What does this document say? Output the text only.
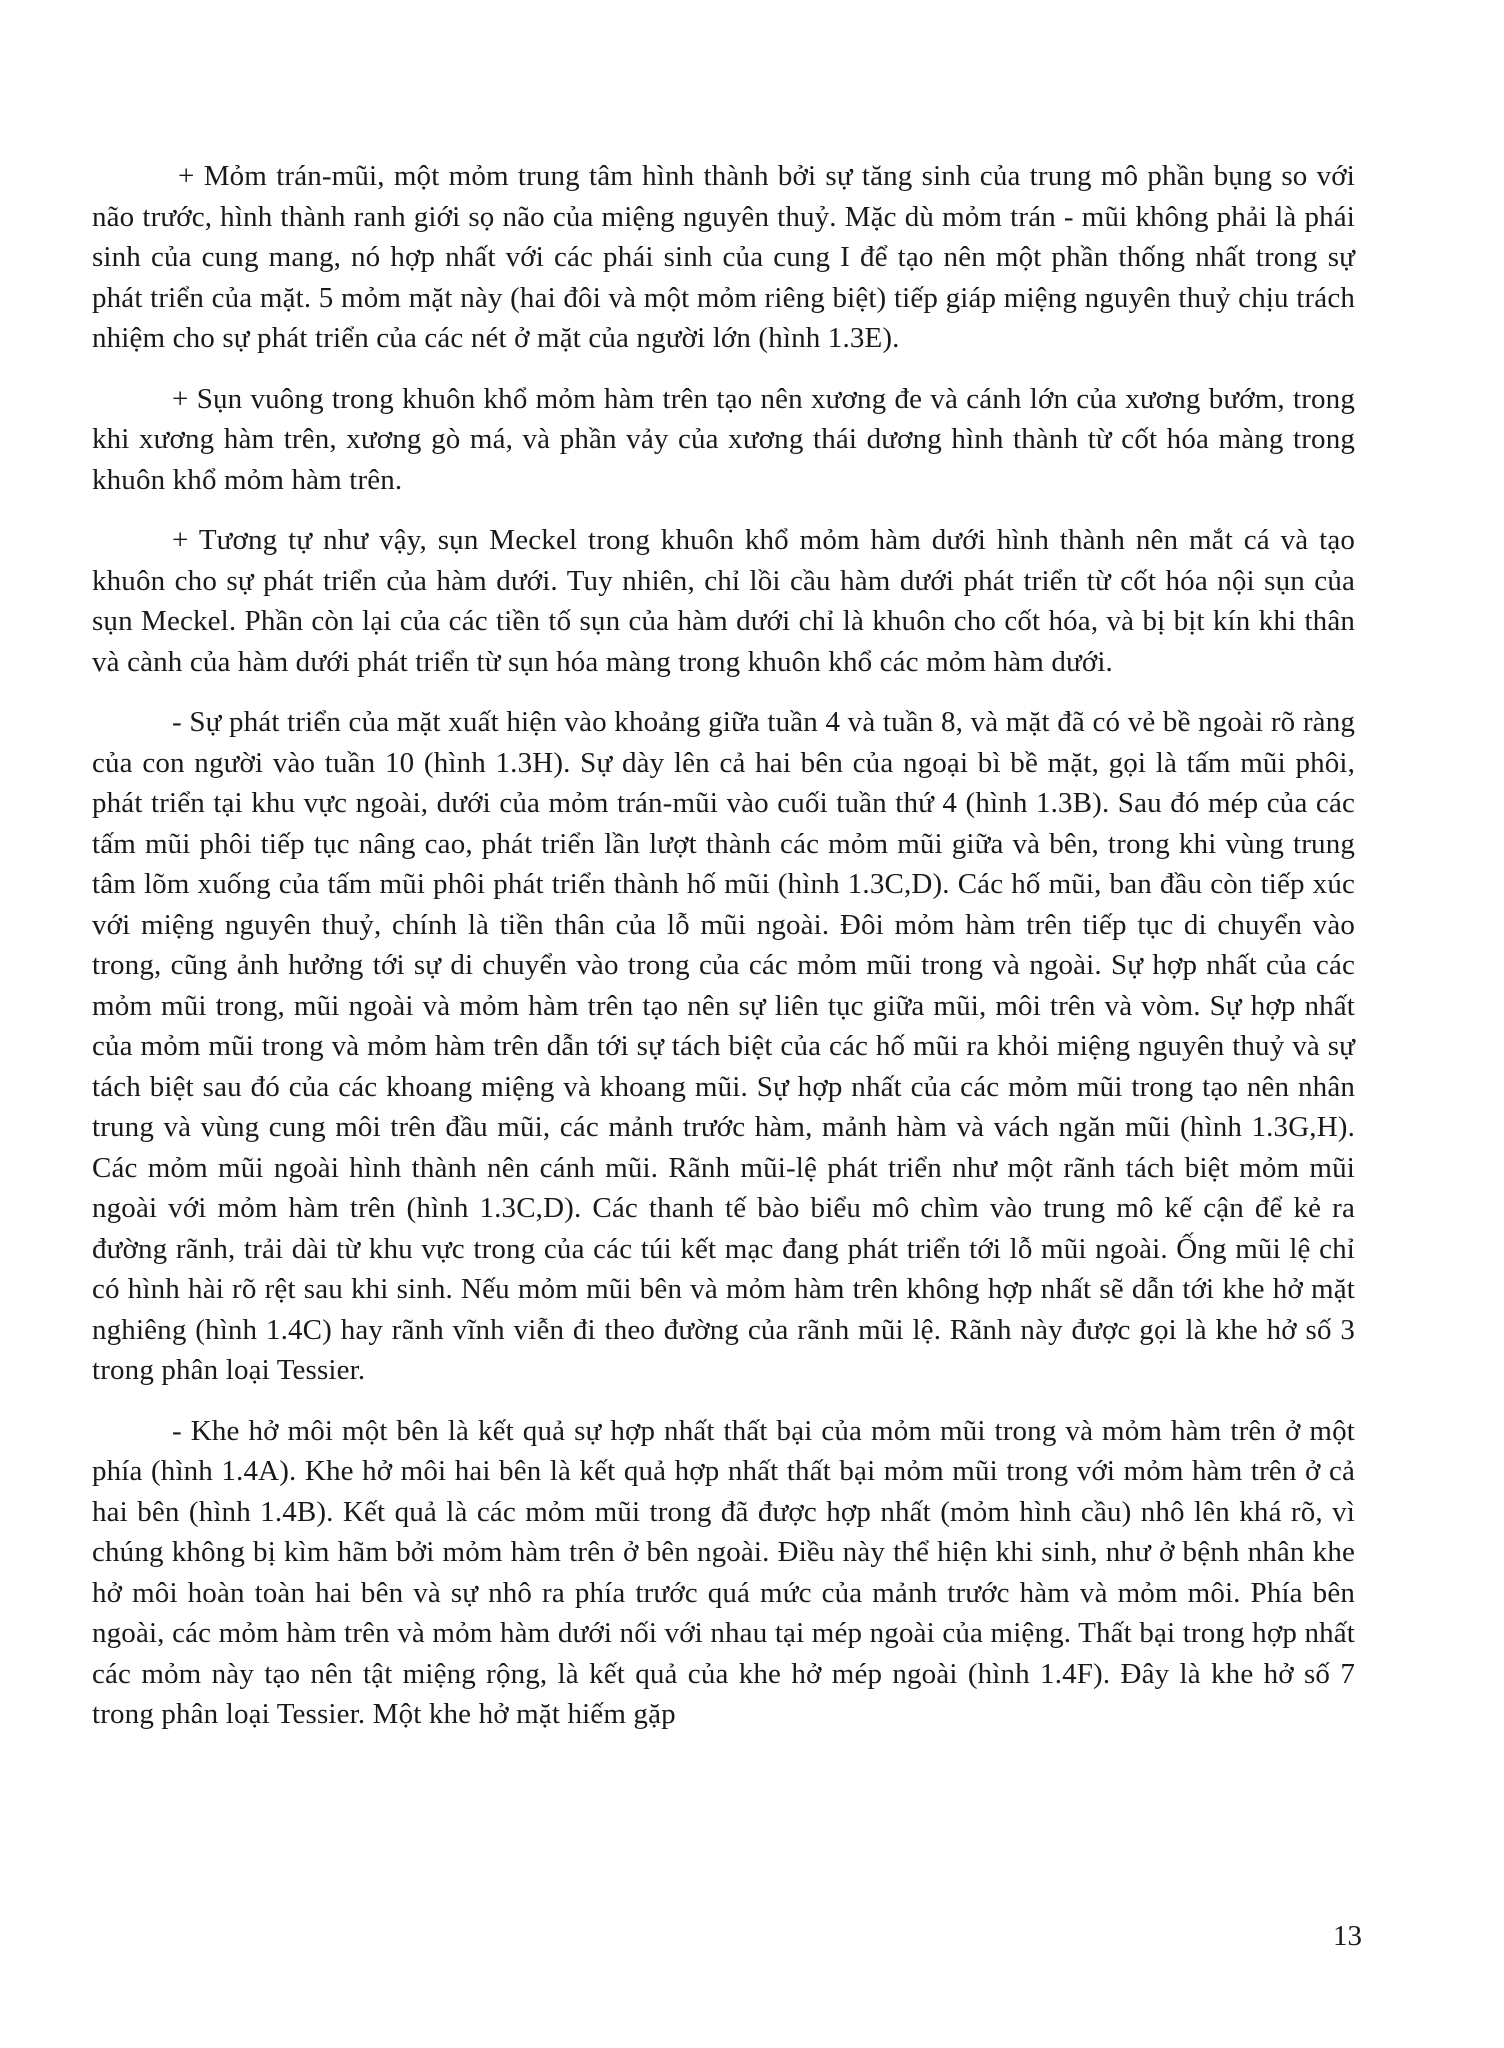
+ Mỏm trán-mũi, một mỏm trung tâm hình thành bởi sự tăng sinh của trung mô phần bụng so với não trước, hình thành ranh giới sọ não của miệng nguyên thuỷ. Mặc dù mỏm trán - mũi không phải là phái sinh của cung mang, nó hợp nhất với các phái sinh của cung I để tạo nên một phần thống nhất trong sự phát triển của mặt. 5 mỏm mặt này (hai đôi và một mỏm riêng biệt) tiếp giáp miệng nguyên thuỷ chịu trách nhiệm cho sự phát triển của các nét ở mặt của người lớn (hình 1.3E).

+ Sụn vuông trong khuôn khổ mỏm hàm trên tạo nên xương đe và cánh lớn của xương bướm, trong khi xương hàm trên, xương gò má, và phần vảy của xương thái dương hình thành từ cốt hóa màng trong khuôn khổ mỏm hàm trên.

+ Tương tự như vậy, sụn Meckel trong khuôn khổ mỏm hàm dưới hình thành nên mắt cá và tạo khuôn cho sự phát triển của hàm dưới. Tuy nhiên, chỉ lồi cầu hàm dưới phát triển từ cốt hóa nội sụn của sụn Meckel. Phần còn lại của các tiền tố sụn của hàm dưới chỉ là khuôn cho cốt hóa, và bị bịt kín khi thân và cành của hàm dưới phát triển từ sụn hóa màng trong khuôn khổ các mỏm hàm dưới.

- Sự phát triển của mặt xuất hiện vào khoảng giữa tuần 4 và tuần 8, và mặt đã có vẻ bề ngoài rõ ràng của con người vào tuần 10 (hình 1.3H). Sự dày lên cả hai bên của ngoại bì bề mặt, gọi là tấm mũi phôi, phát triển tại khu vực ngoài, dưới của mỏm trán-mũi vào cuối tuần thứ 4 (hình 1.3B). Sau đó mép của các tấm mũi phôi tiếp tục nâng cao, phát triển lần lượt thành các mỏm mũi giữa và bên, trong khi vùng trung tâm lõm xuống của tấm mũi phôi phát triển thành hố mũi (hình 1.3C,D). Các hố mũi, ban đầu còn tiếp xúc với miệng nguyên thuỷ, chính là tiền thân của lỗ mũi ngoài. Đôi mỏm hàm trên tiếp tục di chuyển vào trong, cũng ảnh hưởng tới sự di chuyển vào trong của các mỏm mũi trong và ngoài. Sự hợp nhất của các mỏm mũi trong, mũi ngoài và mỏm hàm trên tạo nên sự liên tục giữa mũi, môi trên và vòm. Sự hợp nhất của mỏm mũi trong và mỏm hàm trên dẫn tới sự tách biệt của các hố mũi ra khỏi miệng nguyên thuỷ và sự tách biệt sau đó của các khoang miệng và khoang mũi. Sự hợp nhất của các mỏm mũi trong tạo nên nhân trung và vùng cung môi trên đầu mũi, các mảnh trước hàm, mảnh hàm và vách ngăn mũi (hình 1.3G,H). Các mỏm mũi ngoài hình thành nên cánh mũi. Rãnh mũi-lệ phát triển như một rãnh tách biệt mỏm mũi ngoài với mỏm hàm trên (hình 1.3C,D). Các thanh tế bào biểu mô chìm vào trung mô kế cận để kẻ ra đường rãnh, trải dài từ khu vực trong của các túi kết mạc đang phát triển tới lỗ mũi ngoài. Ống mũi lệ chỉ có hình hài rõ rệt sau khi sinh. Nếu mỏm mũi bên và mỏm hàm trên không hợp nhất sẽ dẫn tới khe hở mặt nghiêng (hình 1.4C) hay rãnh vĩnh viễn đi theo đường của rãnh mũi lệ. Rãnh này được gọi là khe hở số 3 trong phân loại Tessier.

- Khe hở môi một bên là kết quả sự hợp nhất thất bại của mỏm mũi trong và mỏm hàm trên ở một phía (hình 1.4A). Khe hở môi hai bên là kết quả hợp nhất thất bại mỏm mũi trong với mỏm hàm trên ở cả hai bên (hình 1.4B). Kết quả là các mỏm mũi trong đã được hợp nhất (mỏm hình cầu) nhô lên khá rõ, vì chúng không bị kìm hãm bởi mỏm hàm trên ở bên ngoài. Điều này thể hiện khi sinh, như ở bệnh nhân khe hở môi hoàn toàn hai bên và sự nhô ra phía trước quá mức của mảnh trước hàm và mỏm môi. Phía bên ngoài, các mỏm hàm trên và mỏm hàm dưới nối với nhau tại mép ngoài của miệng. Thất bại trong hợp nhất các mỏm này tạo nên tật miệng rộng, là kết quả của khe hở mép ngoài (hình 1.4F). Đây là khe hở số 7 trong phân loại Tessier. Một khe hở mặt hiếm gặp

13
